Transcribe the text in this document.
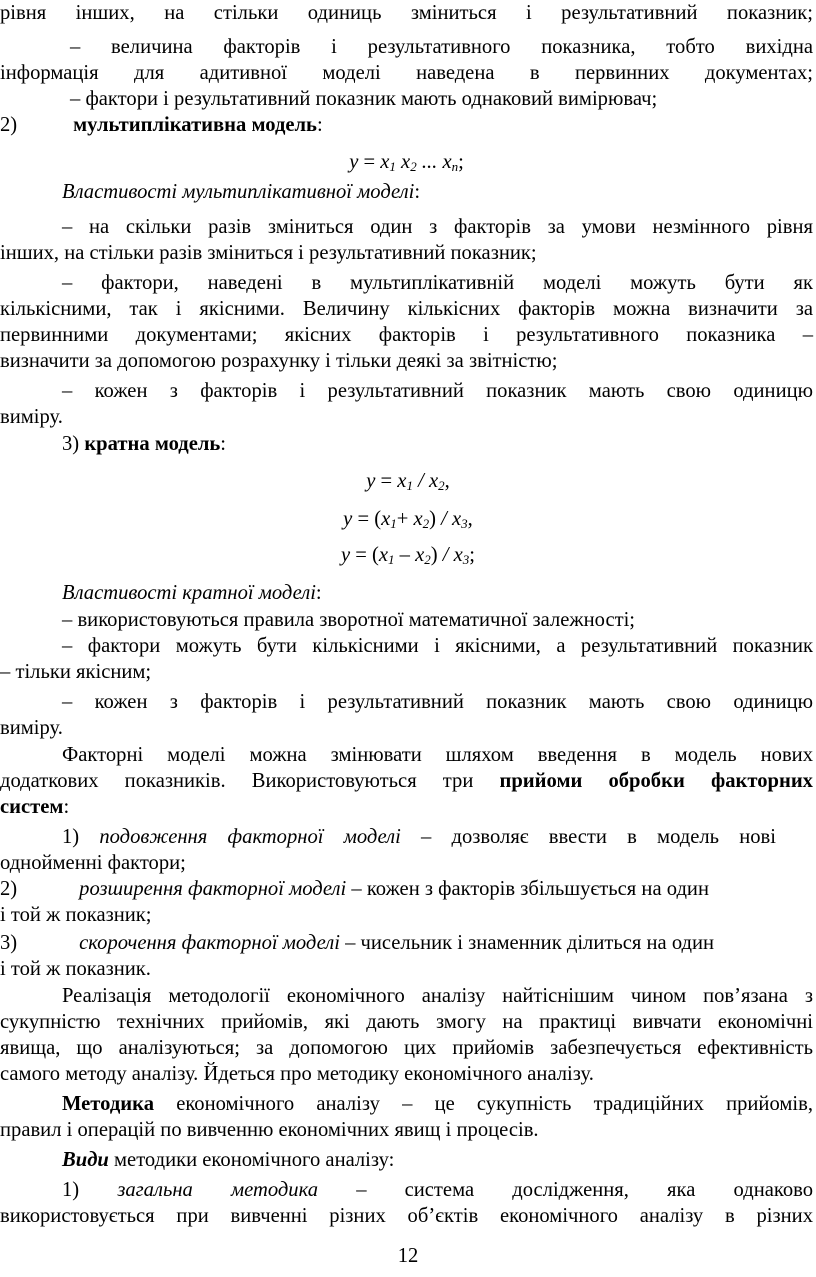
рівня інших, на стільки одиниць зміниться і результативний показник;
– величина факторів і результативного показника, тобто вихідна
інформація для адитивної моделі наведена в первинних документах;
– фактори і результативний показник мають однаковий вимірювач;
2)	мультиплікативна модель:
$y = x_1$ $x_2$ ... $x_n$;
Властивості мультиплікативної моделі:
– на скільки разів зміниться один з факторів за умови незмінного рівня
інших, на стільки разів зміниться і результативний показник;
– фактори, наведені в мультиплікативній моделі можуть бути як
кількісними, так і якісними. Величину кількісних факторів можна визначити за
первинними документами; якісних факторів і результативного показника –
визначити за допомогою розрахунку і тільки деякі за звітністю;
– кожен з факторів і результативний показник мають свою одиницю
виміру.
3) кратна модель:
$y = x_1 / x_2$,
$y = (x_1+ x_2) / x_3$,
$y = (x_1 - x_2) / x_3$;
Властивості кратної моделі:
– використовуються правила зворотної математичної залежності;
– фактори можуть бути кількісними і якісними, а результативний показник
– тільки якісним;
– кожен з факторів і результативний показник мають свою одиницю
виміру.
Факторні моделі можна змінювати шляхом введення в модель нових
додаткових показників. Використовуються три прийоми обробки факторних
систем:
1) подовження факторної моделі – дозволяє ввести в модель нові
однойменні фактори;
2)	розширення факторної моделі – кожен з факторів збільшується на один
і той ж показник;
3)	скорочення факторної моделі – чисельник і знаменник ділиться на один
і той ж показник.
Реалізація методології економічного аналізу найтіснішим чином пов’язана з
сукупністю технічних прийомів, які дають змогу на практиці вивчати економічні
явища, що аналізуються; за допомогою цих прийомів забезпечується ефективність
самого методу аналізу. Йдеться про методику економічного аналізу.
Методика економічного аналізу – це сукупність традиційних прийомів,
правил і операцій по вивченню економічних явищ і процесів.
Види методики економічного аналізу:
1) загальна методика – система дослідження, яка однаково
використовується при вивченні різних об’єктів економічного аналізу в різних
12
